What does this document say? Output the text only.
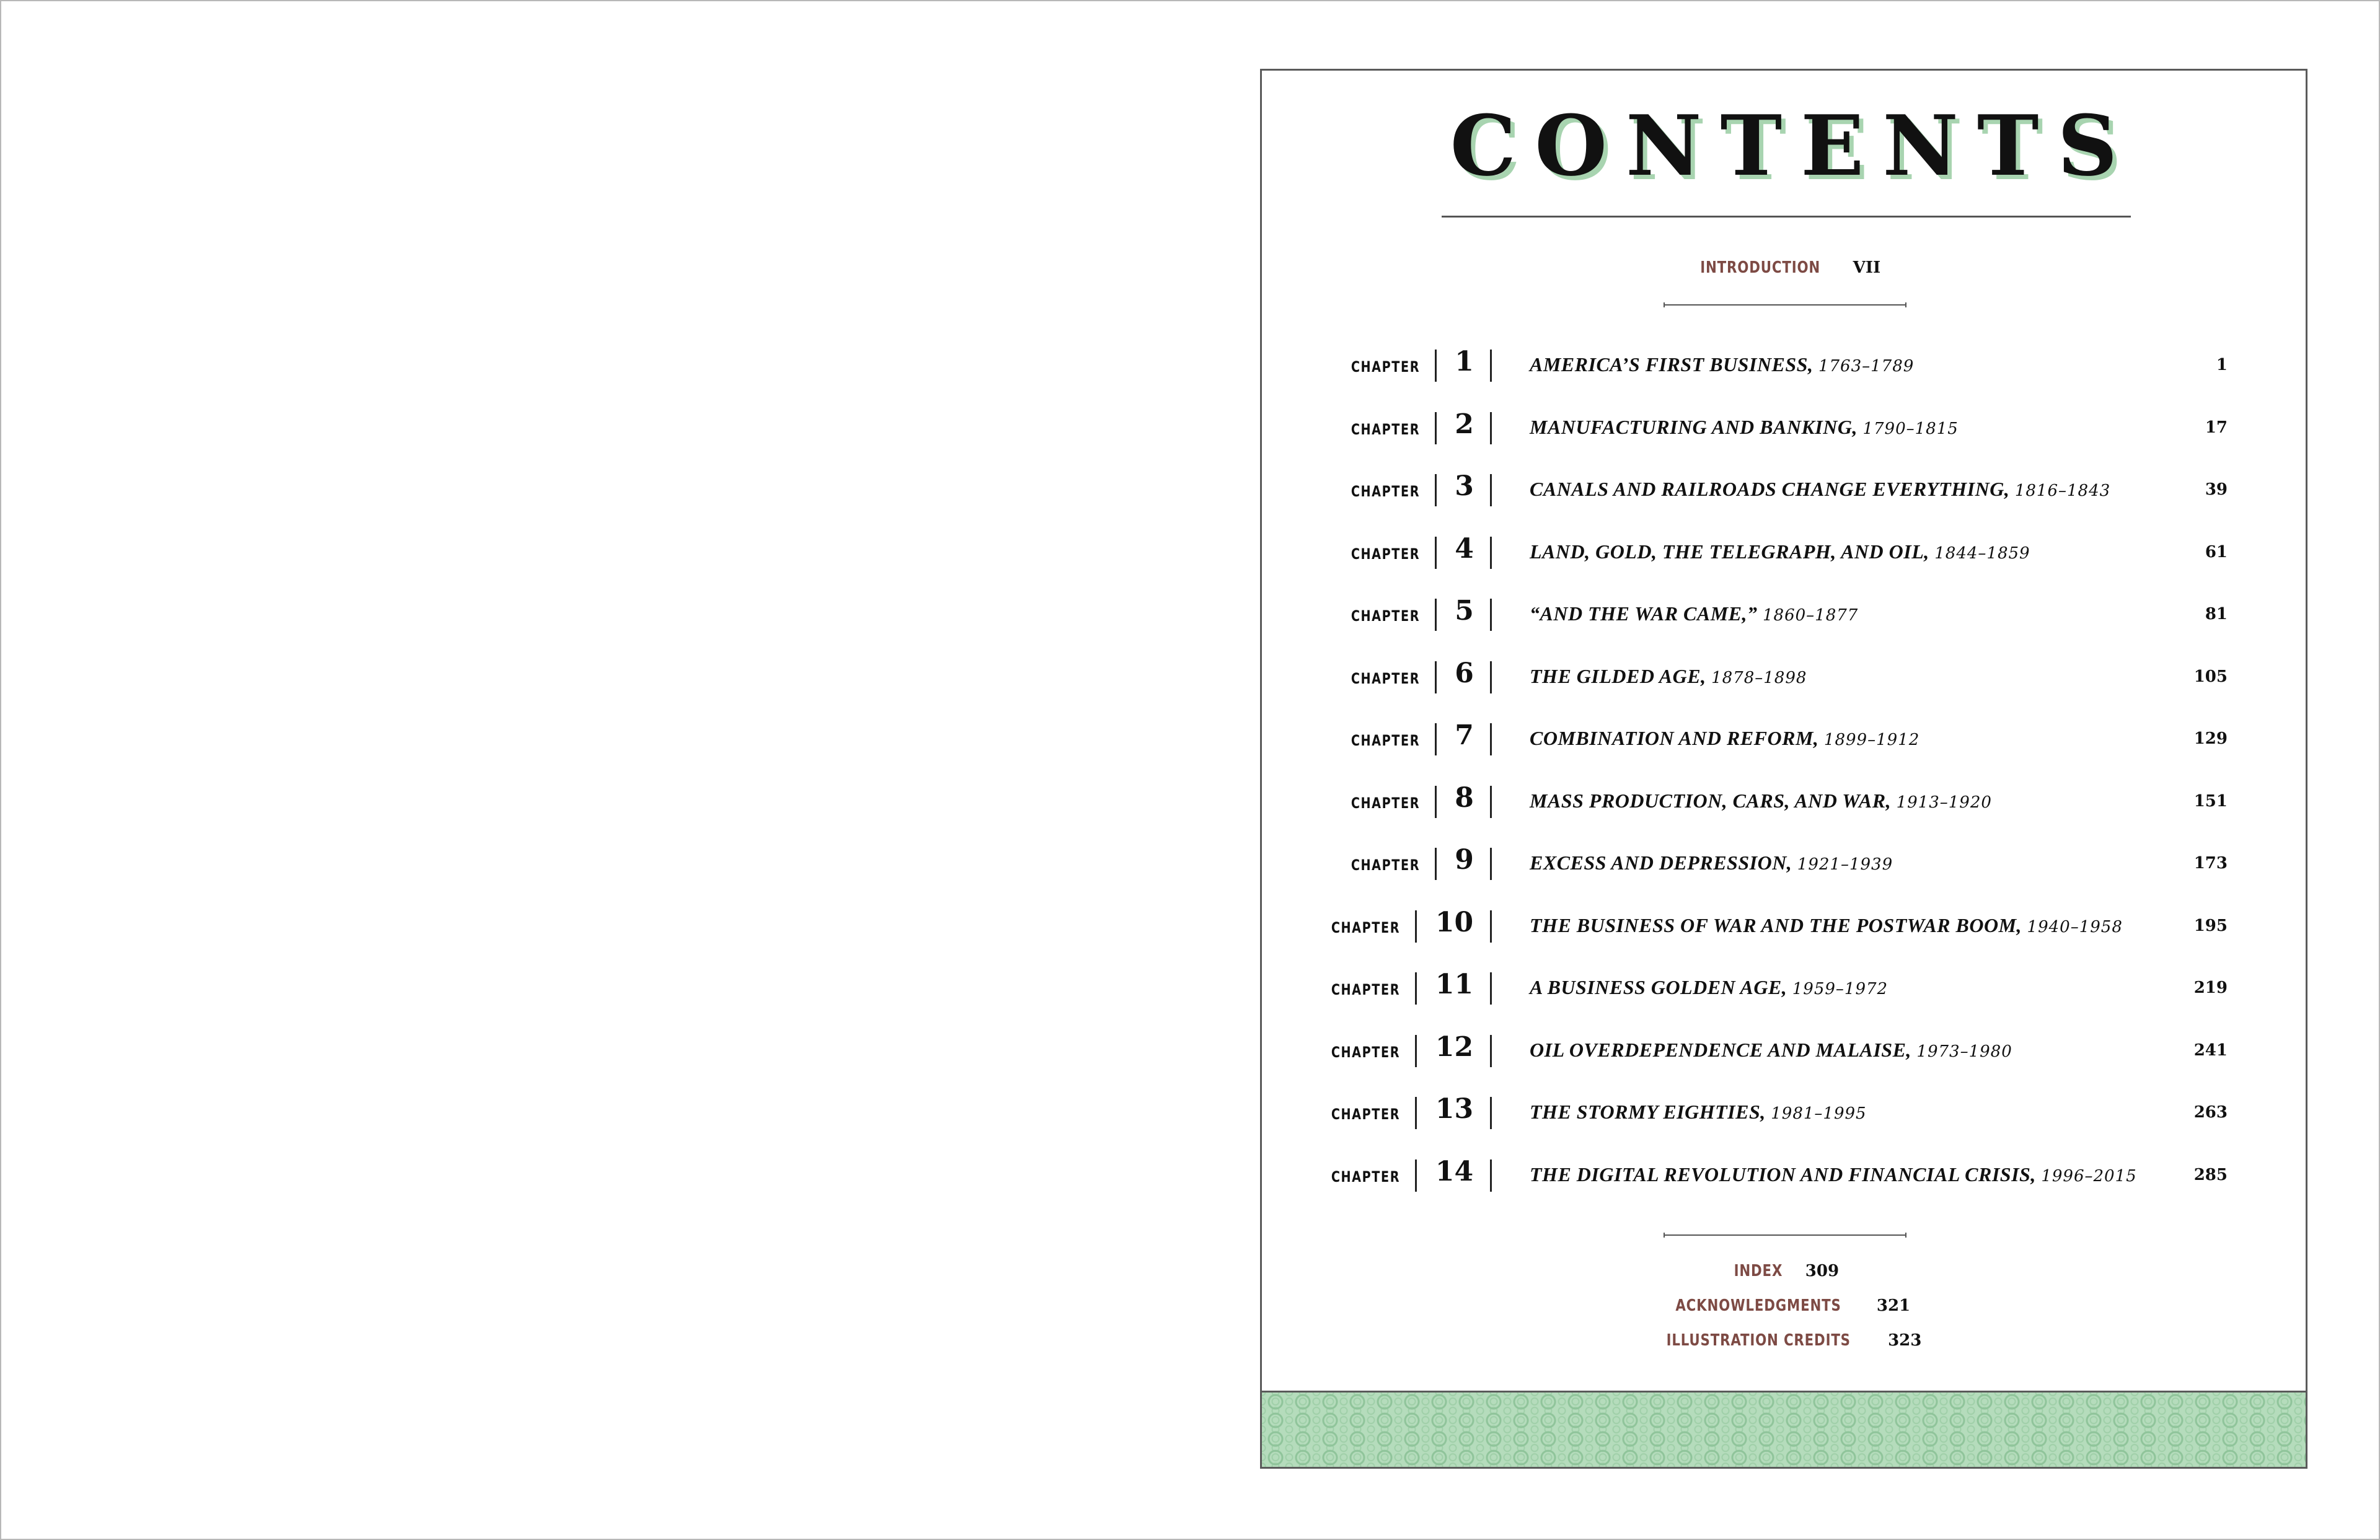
CONTENTS
INTRODUCTION VII
CHAPTER	1	AMERICA’S FIRST BUSINESS, 1763–1789	1
CHAPTER	2	MANUFACTURING AND BANKING, 1790–1815	17
CHAPTER	3	CANALS AND RAILROADS CHANGE EVERYTHING, 1816–1843	39
CHAPTER	4	LAND, GOLD, THE TELEGRAPH, AND OIL, 1844–1859	61
CHAPTER	5	“AND THE WAR CAME,” 1860–1877	81
CHAPTER	6	THE GILDED AGE, 1878–1898	105
CHAPTER	7	COMBINATION AND REFORM, 1899–1912	129
CHAPTER	8	MASS PRODUCTION, CARS, AND WAR, 1913–1920	151
CHAPTER	9	EXCESS AND DEPRESSION, 1921–1939	173
CHAPTER	10	THE BUSINESS OF WAR AND THE POSTWAR BOOM, 1940–1958	195
CHAPTER	11	A BUSINESS GOLDEN AGE, 1959–1972	219
CHAPTER	12	OIL OVERDEPENDENCE AND MALAISE, 1973–1980	241
CHAPTER	13	THE STORMY EIGHTIES, 1981–1995	263
CHAPTER	14	THE DIGITAL REVOLUTION AND FINANCIAL CRISIS, 1996–2015	285
INDEX 309
ACKNOWLEDGMENTS 321
ILLUSTRATION CREDITS 323
